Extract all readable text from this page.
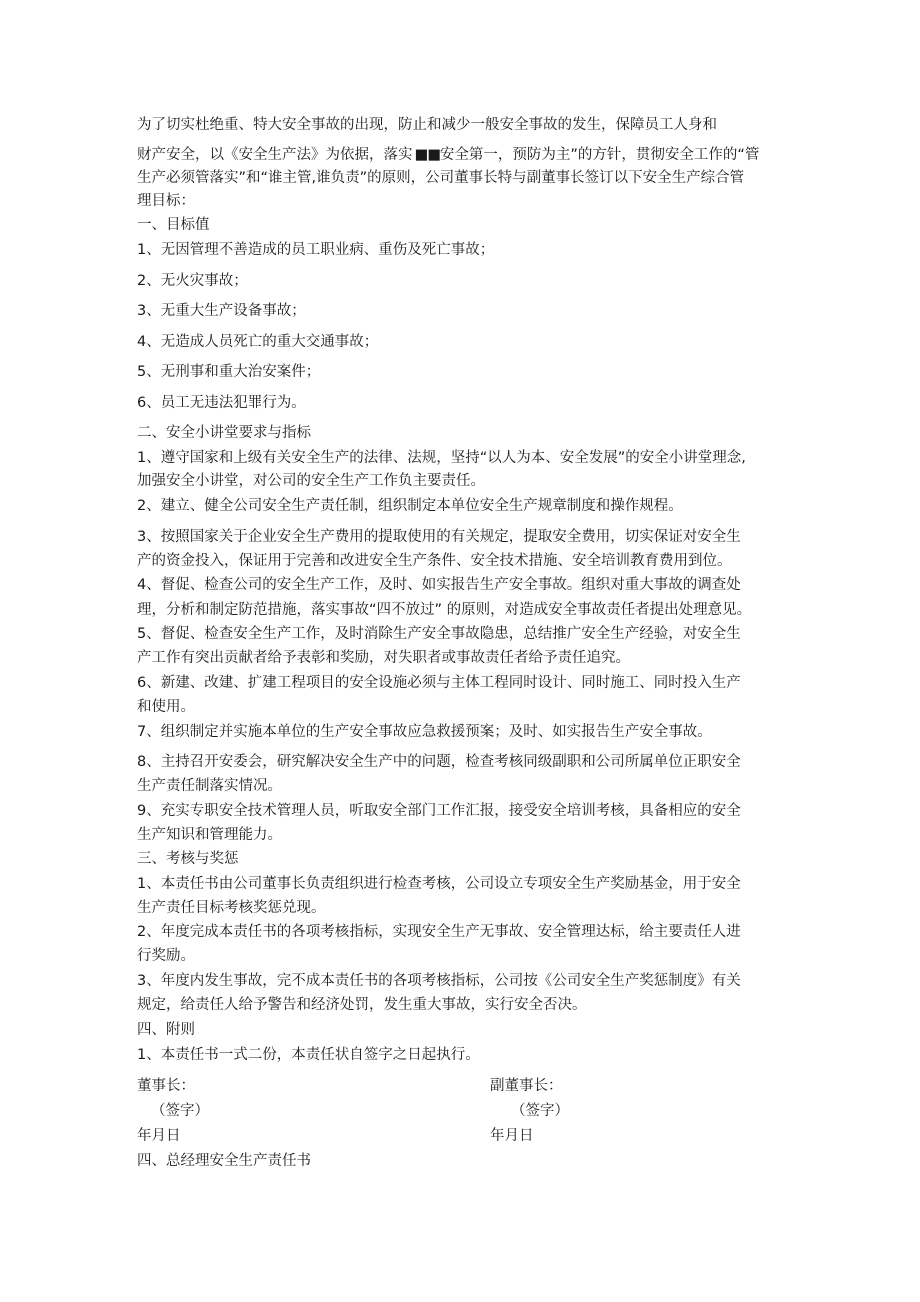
为了切实杜绝重、特大安全事故的出现，防止和减少一般安全事故的发生，保障员工人身和

财产安全，以《安全生产法》为依据，落实 ■■安全第一，预防为主”的方针，贯彻安全工作的“管

生产必须管落实”和“谁主管,谁负责”的原则，公司董事长特与副董事长签订以下安全生产综合管

理目标：

一、目标值

1、无因管理不善造成的员工职业病、重伤及死亡事故；

2、无火灾事故；

3、无重大生产设备事故；

4、无造成人员死亡的重大交通事故；

5、无刑事和重大治安案件；

6、员工无违法犯罪行为。

二、安全小讲堂要求与指标

1、遵守国家和上级有关安全生产的法律、法规，坚持“以人为本、安全发展”的安全小讲堂理念,

加强安全小讲堂，对公司的安全生产工作负主要责任。

2、建立、健全公司安全生产责任制，组织制定本单位安全生产规章制度和操作规程。

3、按照国家关于企业安全生产费用的提取使用的有关规定，提取安全费用，切实保证对安全生

产的资金投入，保证用于完善和改进安全生产条件、安全技术措施、安全培训教育费用到位。

4、督促、检查公司的安全生产工作，及时、如实报告生产安全事故。组织对重大事故的调查处

理，分析和制定防范措施，落实事故“四不放过” 的原则，对造成安全事故责任者提出处理意见。

5、督促、检查安全生产工作，及时消除生产安全事故隐患，总结推广安全生产经验，对安全生

产工作有突出贡献者给予表彰和奖励，对失职者或事故责任者给予责任追究。

6、新建、改建、扩建工程项目的安全设施必须与主体工程同时设计、同时施工、同时投入生产

和使用。

7、组织制定并实施本单位的生产安全事故应急救援预案；及时、如实报告生产安全事故。

8、主持召开安委会，研究解决安全生产中的问题，检查考核同级副职和公司所属单位正职安全

生产责任制落实情况。

9、充实专职安全技术管理人员，听取安全部门工作汇报，接受安全培训考核，具备相应的安全

生产知识和管理能力。

三、考核与奖惩

1、本责任书由公司董事长负责组织进行检查考核，公司设立专项安全生产奖励基金，用于安全

生产责任目标考核奖惩兑现。

2、年度完成本责任书的各项考核指标，实现安全生产无事故、安全管理达标，给主要责任人进

行奖励。

3、年度内发生事故，完不成本责任书的各项考核指标，公司按《公司安全生产奖惩制度》有关

规定，给责任人给予警告和经济处罚，发生重大事故，实行安全否决。

四、附则

1、本责任书一式二份，本责任状自签字之日起执行。

董事长：	副董事长：

（签字）	（签字）

年月日	年月日

四、总经理安全生产责任书
